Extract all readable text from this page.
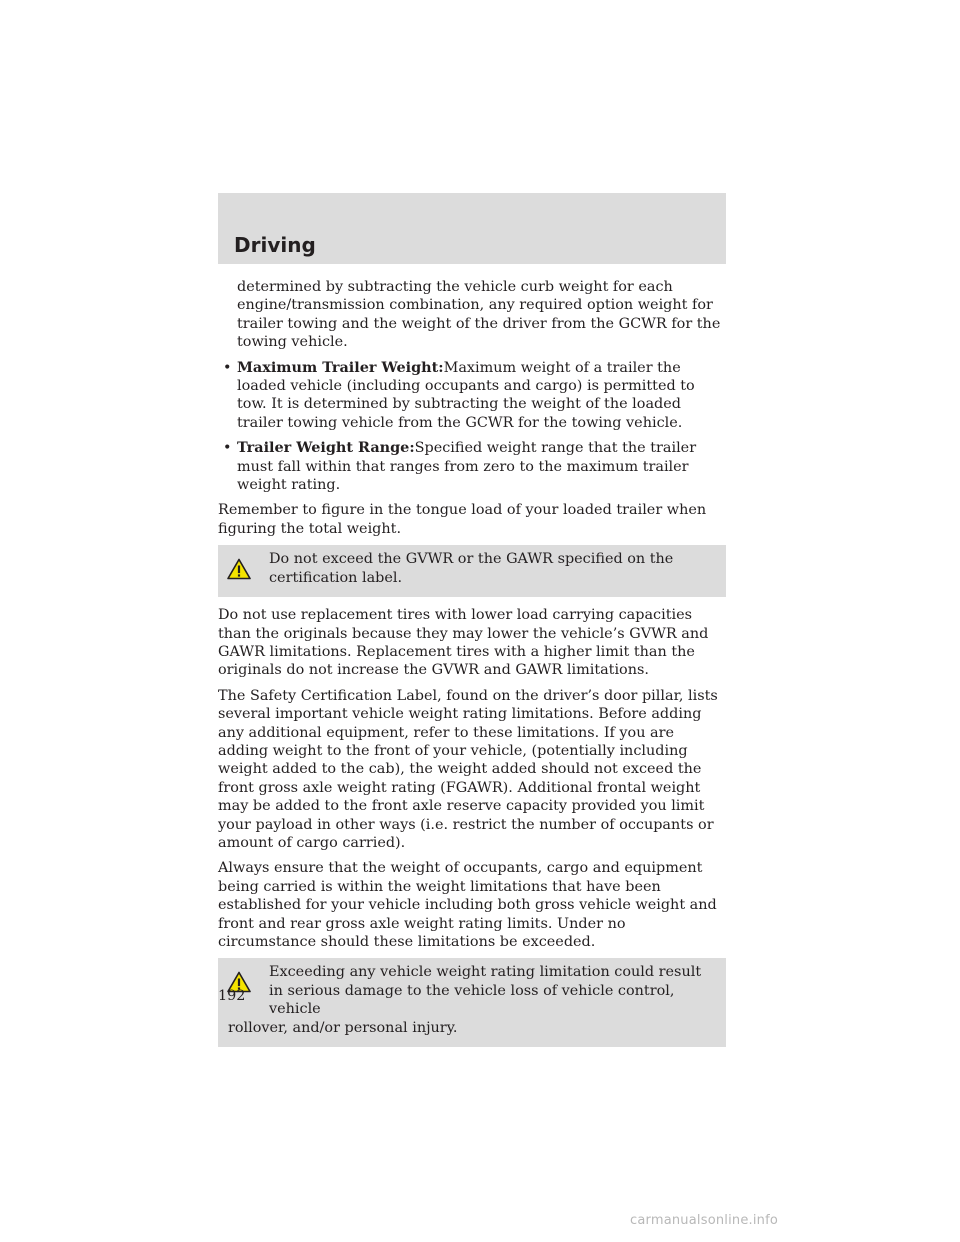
Driving

determined by subtracting the vehicle curb weight for each engine/transmission combination, any required option weight for trailer towing and the weight of the driver from the GCWR for the towing vehicle.

• Maximum Trailer Weight:Maximum weight of a trailer the loaded vehicle (including occupants and cargo) is permitted to tow. It is determined by subtracting the weight of the loaded trailer towing vehicle from the GCWR for the towing vehicle.
• Trailer Weight Range:Specified weight range that the trailer must fall within that ranges from zero to the maximum trailer weight rating.

Remember to figure in the tongue load of your loaded trailer when figuring the total weight.

Do not exceed the GVWR or the GAWR specified on the certification label.

Do not use replacement tires with lower load carrying capacities than the originals because they may lower the vehicle’s GVWR and GAWR limitations. Replacement tires with a higher limit than the originals do not increase the GVWR and GAWR limitations.

The Safety Certification Label, found on the driver’s door pillar, lists several important vehicle weight rating limitations. Before adding any additional equipment, refer to these limitations. If you are adding weight to the front of your vehicle, (potentially including weight added to the cab), the weight added should not exceed the front gross axle weight rating (FGAWR). Additional frontal weight may be added to the front axle reserve capacity provided you limit your payload in other ways (i.e. restrict the number of occupants or amount of cargo carried).

Always ensure that the weight of occupants, cargo and equipment being carried is within the weight limitations that have been established for your vehicle including both gross vehicle weight and front and rear gross axle weight rating limits. Under no circumstance should these limitations be exceeded.

Exceeding any vehicle weight rating limitation could result in serious damage to the vehicle loss of vehicle control, vehicle
rollover, and/or personal injury.
192
carmanualsonline.info
